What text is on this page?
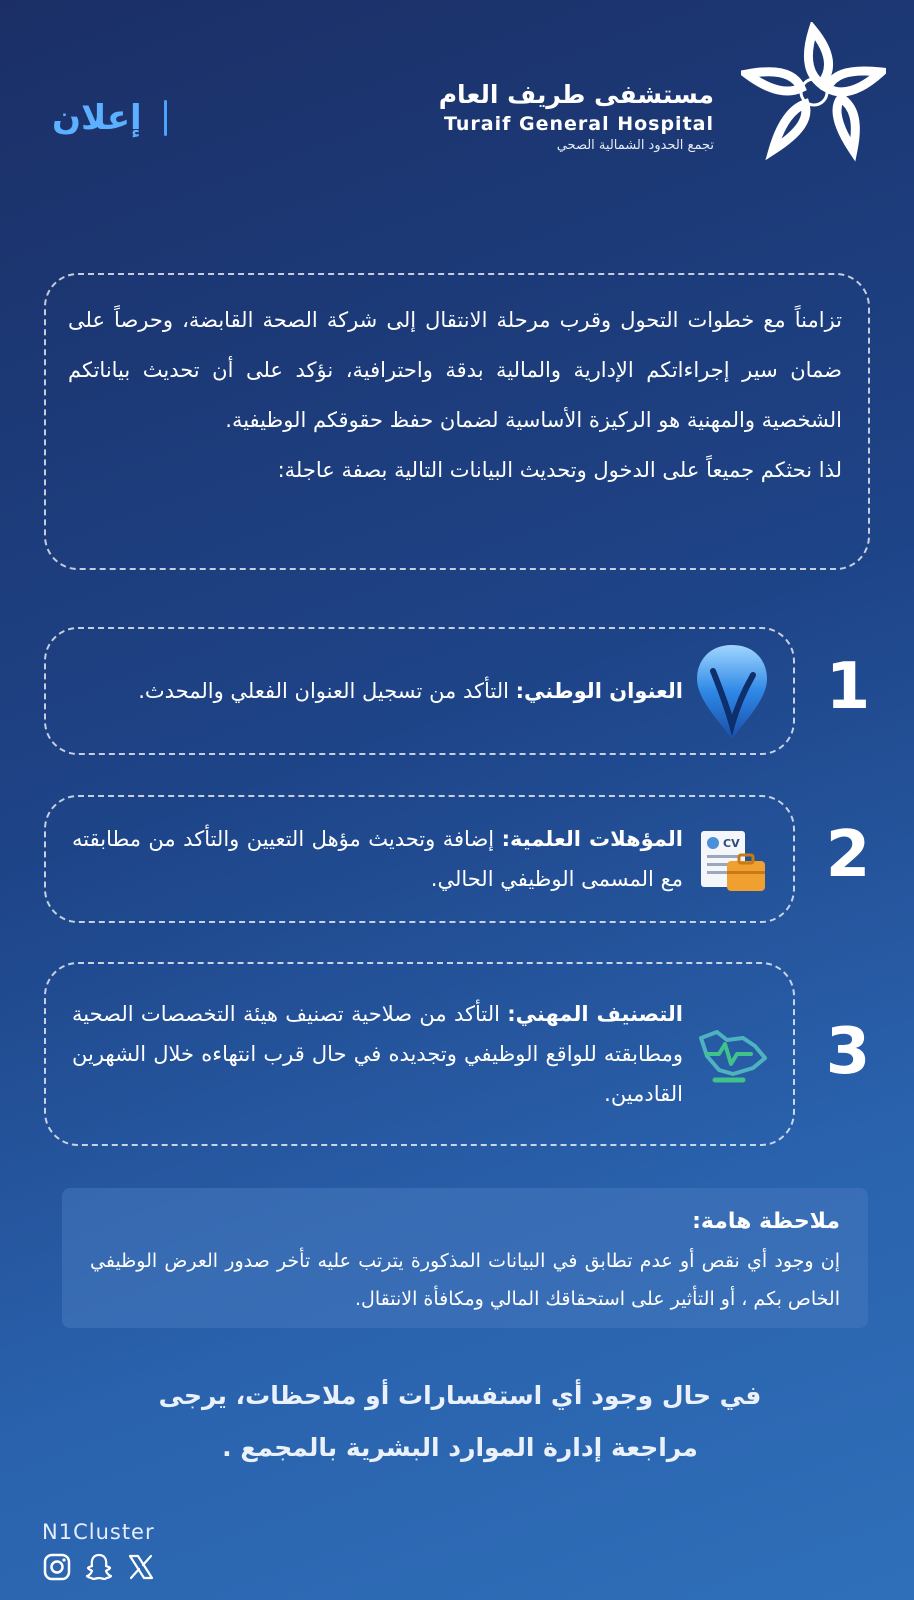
إعلان
مستشفى طريف العام
Turaif General Hospital
تجمع الحدود الشمالية الصحي

تزامناً مع خطوات التحول وقرب مرحلة الانتقال إلى شركة الصحة القابضة، وحرصاً على ضمان سير إجراءاتكم الإدارية والمالية بدقة واحترافية، نؤكد على أن تحديث بياناتكم الشخصية والمهنية هو الركيزة الأساسية لضمان حفظ حقوقكم الوظيفية.

لذا نحثكم جميعاً على الدخول وتحديث البيانات التالية بصفة عاجلة:

العنوان الوطني: التأكد من تسجيل العنوان الفعلي والمحدث.	1

المؤهلات العلمية: إضافة وتحديث مؤهل التعيين والتأكد من مطابقته مع المسمى الوظيفي الحالي.

CV 2

التصنيف المهني: التأكد من صلاحية تصنيف هيئة التخصصات الصحية ومطابقته للواقع الوظيفي وتجديده في حال قرب انتهاءه خلال الشهرين القادمين.

3
ملاحظة هامة:

إن وجود أي نقص أو عدم تطابق في البيانات المذكورة يترتب عليه تأخر صدور العرض الوظيفي الخاص بكم ، أو التأثير على استحقاقك المالي ومكافأة الانتقال.

في حال وجود أي استفسارات أو ملاحظات، يرجى
مراجعة إدارة الموارد البشرية بالمجمع .
N1Cluster
